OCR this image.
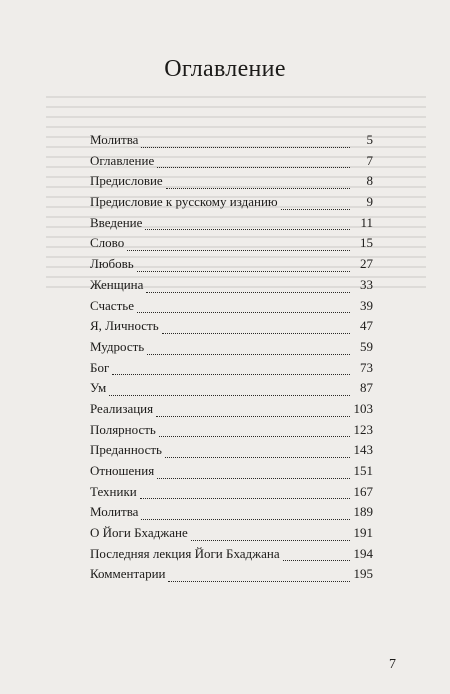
Оглавление
Молитва	5
Оглавление	7
Предисловие	8
Предисловие к русскому изданию	9
Введение	11
Слово	15
Любовь	27
Женщина	33
Счастье	39
Я, Личность	47
Мудрость	59
Бог	73
Ум	87
Реализация	103
Полярность	123
Преданность	143
Отношения	151
Техники	167
Молитва	189
О Йоги Бхаджане	191
Последняя лекция Йоги Бхаджана	194
Комментарии	195
7
